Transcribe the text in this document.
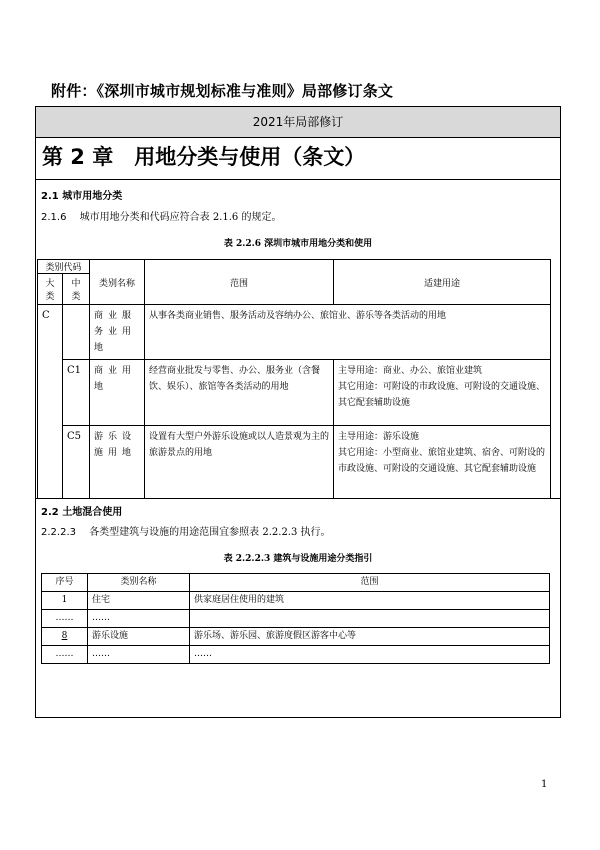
附件：《深圳市城市规划标准与准则》局部修订条文
2021年局部修订
第 2 章　用地分类与使用（条文）
2.1 城市用地分类
2.1.6 城市用地分类和代码应符合表 2.1.6 的规定。
表 2.2.6 深圳市城市用地分类和使用
类别代码		类别名称	范围	适建用途
大类	中类			
C		商业服务业用地	从事各类商业销售、服务活动及容纳办公、旅馆业、游乐等各类活动的用地	
	C1	商业用地	经营商业批发与零售、办公、服务业（含餐饮、娱乐）、旅馆等各类活动的用地	主导用途：商业、办公、旅馆业建筑
其它用途：可附设的市政设施、可附设的交通设施、其它配套辅助设施

	C5	游乐设施用地	设置有大型户外游乐设施或以人造景观为主的旅游景点的用地	主导用途：游乐设施
其它用途：小型商业、旅馆业建筑、宿舍、可附设的市政设施、可附设的交通设施、其它配套辅助设施
2.2 土地混合使用
2.2.2.3 各类型建筑与设施的用途范围宜参照表 2.2.2.3 执行。
表 2.2.2.3 建筑与设施用途分类指引
序号	类别名称	范围
1	住宅	供家庭居住使用的建筑
……	……	
8	游乐设施	游乐场、游乐园、旅游度假区游客中心等
……	……	……
1
